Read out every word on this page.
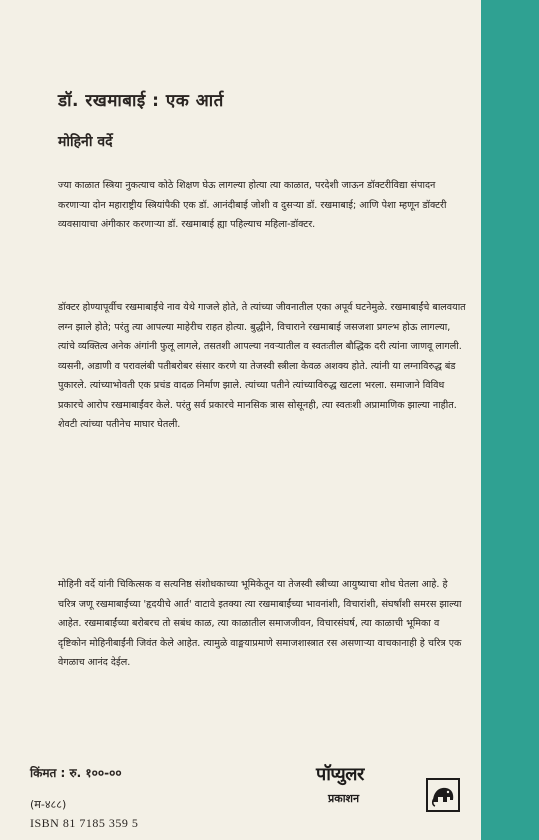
डॉ. रखमाबाई : एक आर्त
मोहिनी वर्दे

ज्या काळात स्त्रिया नुकत्याच कोठे शिक्षण घेऊ लागल्या होत्या त्या काळात, परदेशी जाऊन डॉक्टरीविद्या संपादन करणाऱ्या दोन महाराष्ट्रीय स्त्रियांपैकी एक डॉ. आनंदीबाई जोशी व दुसऱ्या डॉ. रखमाबाई; आणि पेशा म्हणून डॉक्टरी व्यवसायाचा अंगीकार करणाऱ्या डॉ. रखमाबाई ह्या पहिल्याच महिला-डॉक्टर.

डॉक्टर होण्यापूर्वीच रखमाबाईंचे नाव येथे गाजले होते, ते त्यांच्या जीवनातील एका अपूर्व घटनेमुळे. रखमाबाईंचे बालवयात लग्न झाले होते; परंतु त्या आपल्या माहेरीच राहत होत्या. बुद्धीने, विचाराने रखमाबाई जसजशा प्रगल्भ होऊ लागल्या, त्यांचे व्यक्तित्व अनेक अंगांनी फुलू लागले, तसतशी आपल्या नवऱ्यातील व स्वतःतील बौद्धिक दरी त्यांना जाणवू लागली. व्यसनी, अडाणी व परावलंबी पतीबरोबर संसार करणे या तेजस्वी स्त्रीला केवळ अशक्य होते. त्यांनी या लग्नाविरुद्ध बंड पुकारले. त्यांच्याभोवती एक प्रचंड वादळ निर्माण झाले. त्यांच्या पतीने त्यांच्याविरुद्ध खटला भरला. समाजाने विविध प्रकारचे आरोप रखमाबाईंवर केले. परंतु सर्व प्रकारचे मानसिक त्रास सोसूनही, त्या स्वतःशी अप्रामाणिक झाल्या नाहीत. शेवटी त्यांच्या पतीनेच माघार घेतली.

मोहिनी वर्दे यांनी चिकित्सक व सत्यनिष्ठ संशोधकाच्या भूमिकेतून या तेजस्वी स्त्रीच्या आयुष्याचा शोध घेतला आहे. हे चरित्र जणू रखमाबाईंच्या 'हृदयीचे आर्त' वाटावे इतक्या त्या रखमाबाईंच्या भावनांशी, विचारांशी, संघर्षांशी समरस झाल्या आहेत. रखमाबाईंच्या बरोबरच तो सबंध काळ, त्या काळातील समाजजीवन, विचारसंघर्ष, त्या काळाची भूमिका व दृष्टिकोन मोहिनीबाईंनी जिवंत केले आहेत. त्यामुळे वाङ्मयाप्रमाणे समाजशास्त्रात रस असणाऱ्या वाचकानाही हे चरित्र एक वेगळाच आनंद देईल.

किंमत : रु. १००-००
(म-४८८)
ISBN 81 7185 359 5
पॉप्युलर
प्रकाशन
